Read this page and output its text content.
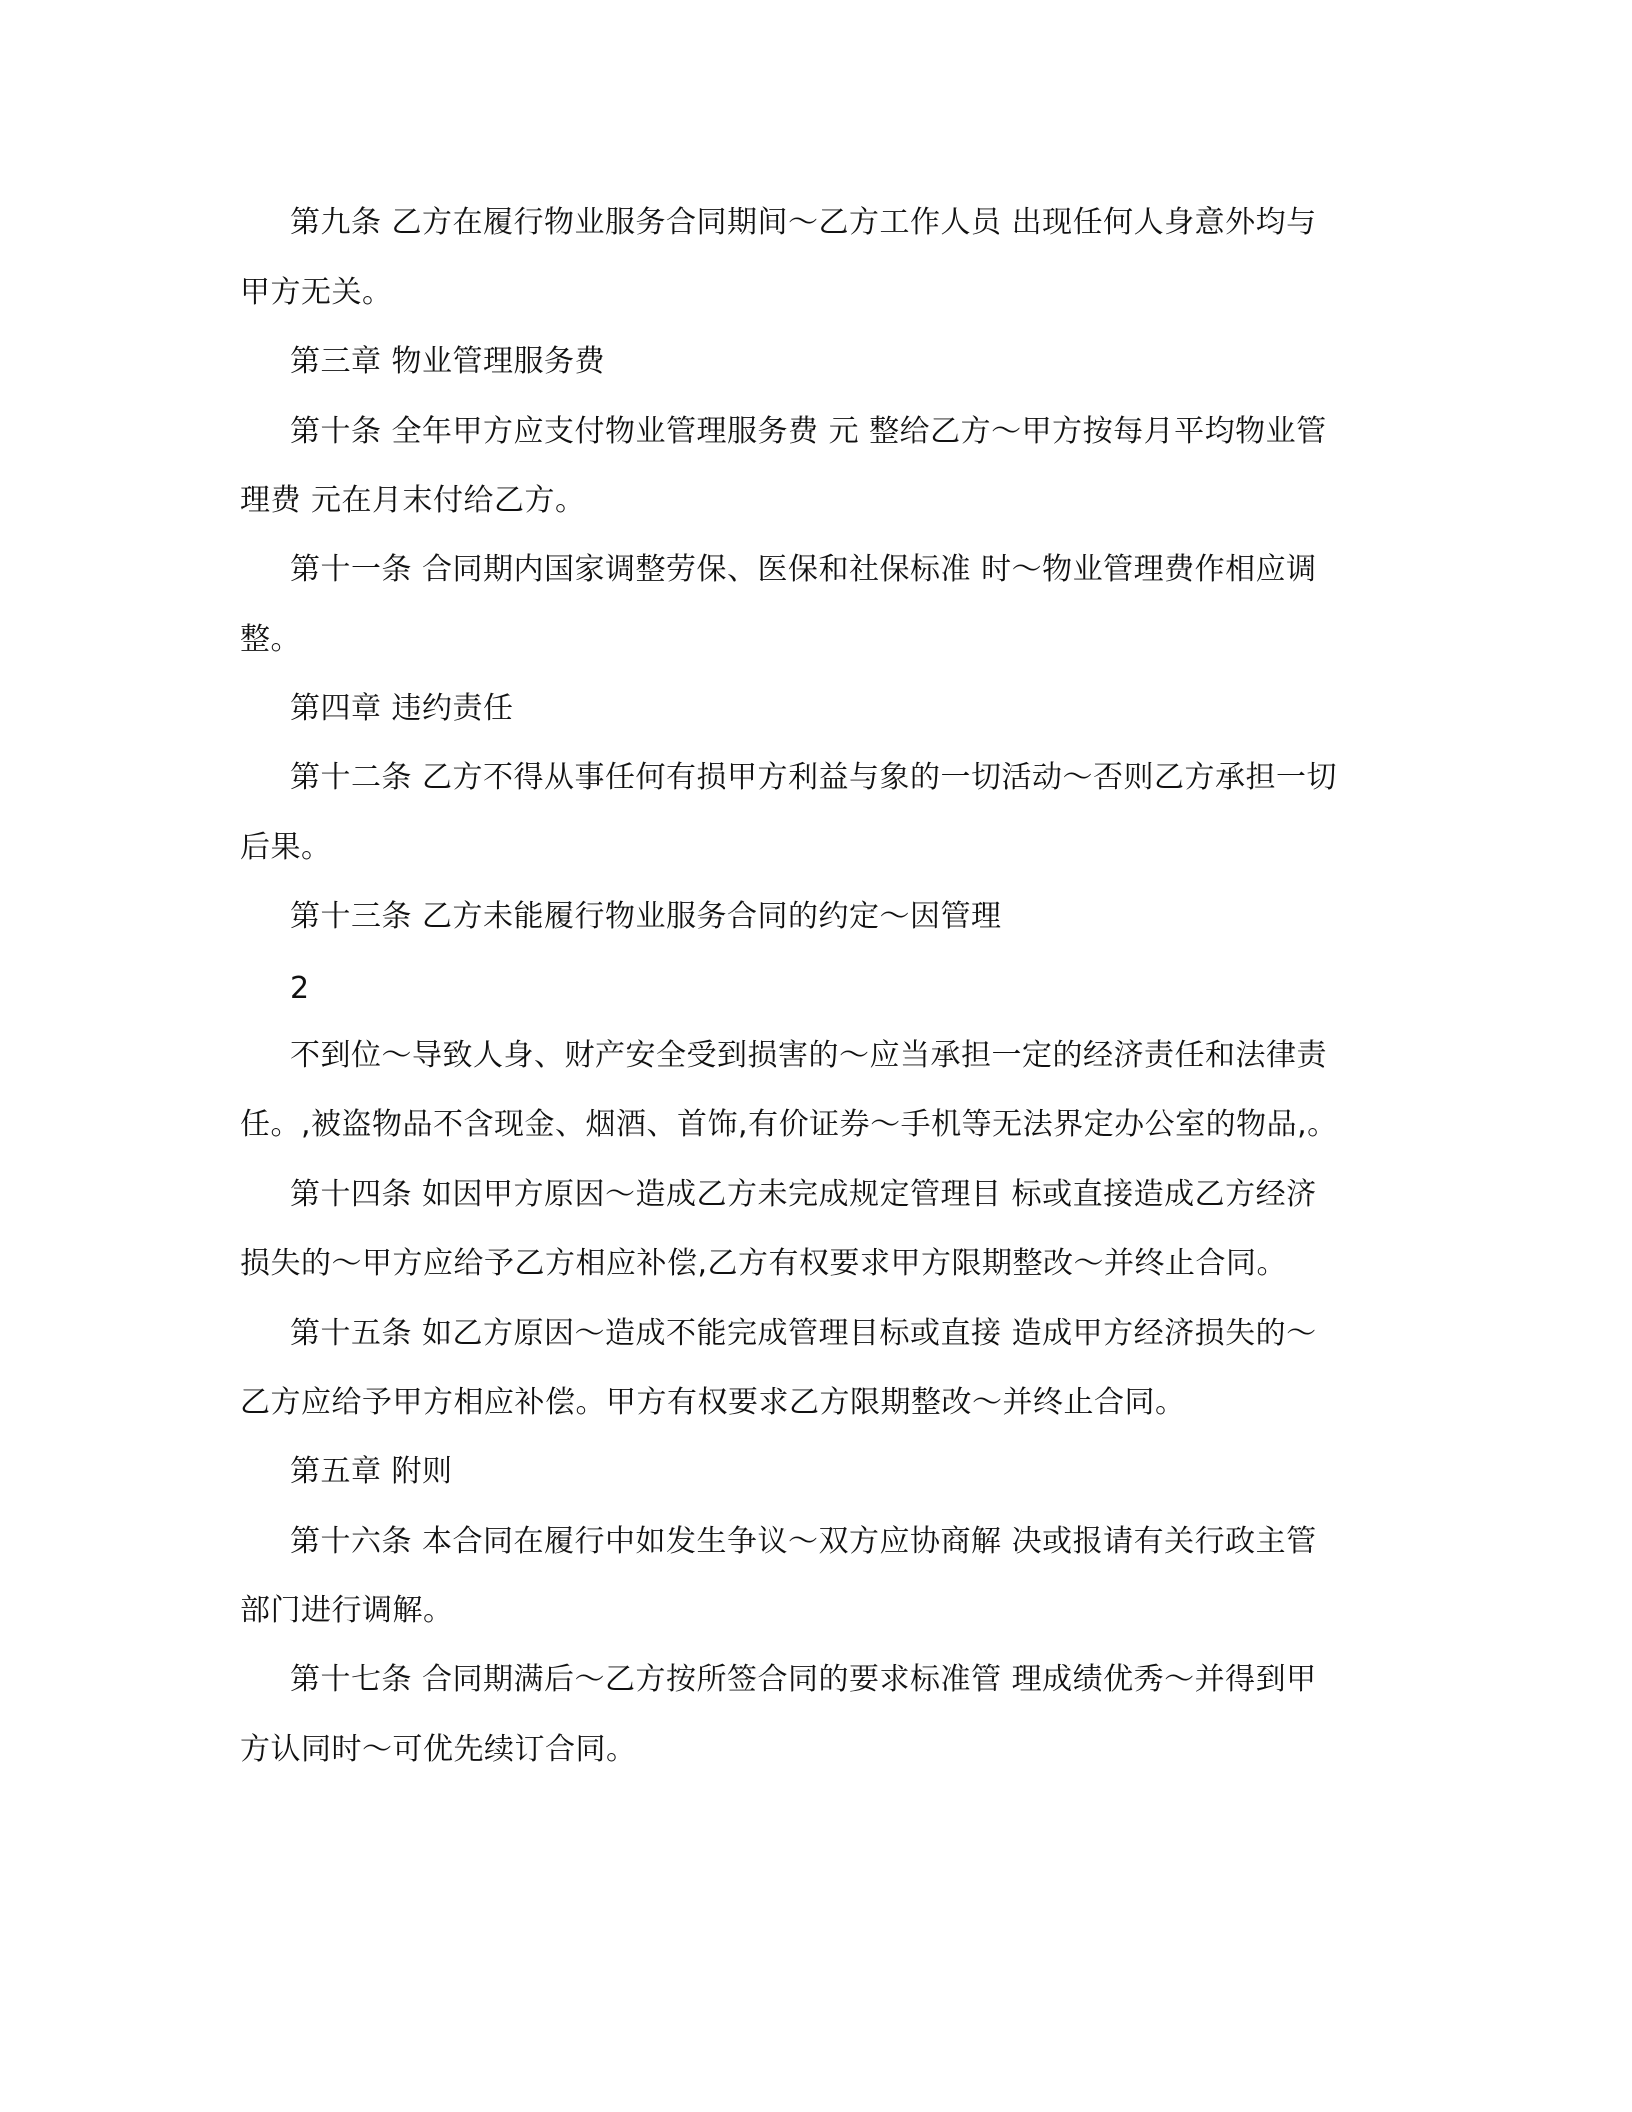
第九条 乙方在履行物业服务合同期间～乙方工作人员 出现任何人身意外均与
甲方无关。
第三章 物业管理服务费
第十条 全年甲方应支付物业管理服务费 元 整给乙方～甲方按每月平均物业管
理费 元在月末付给乙方。
第十一条 合同期内国家调整劳保、医保和社保标准 时～物业管理费作相应调
整。
第四章 违约责任
第十二条 乙方不得从事任何有损甲方利益与象的一切活动～否则乙方承担一切
后果。
第十三条 乙方未能履行物业服务合同的约定～因管理
2
不到位～导致人身、财产安全受到损害的～应当承担一定的经济责任和法律责
任。,被盗物品不含现金、烟酒、首饰,有价证券～手机等无法界定办公室的物品,。
第十四条 如因甲方原因～造成乙方未完成规定管理目 标或直接造成乙方经济
损失的～甲方应给予乙方相应补偿,乙方有权要求甲方限期整改～并终止合同。
第十五条 如乙方原因～造成不能完成管理目标或直接 造成甲方经济损失的～
乙方应给予甲方相应补偿。甲方有权要求乙方限期整改～并终止合同。
第五章 附则
第十六条 本合同在履行中如发生争议～双方应协商解 决或报请有关行政主管
部门进行调解。
第十七条 合同期满后～乙方按所签合同的要求标准管 理成绩优秀～并得到甲
方认同时～可优先续订合同。
